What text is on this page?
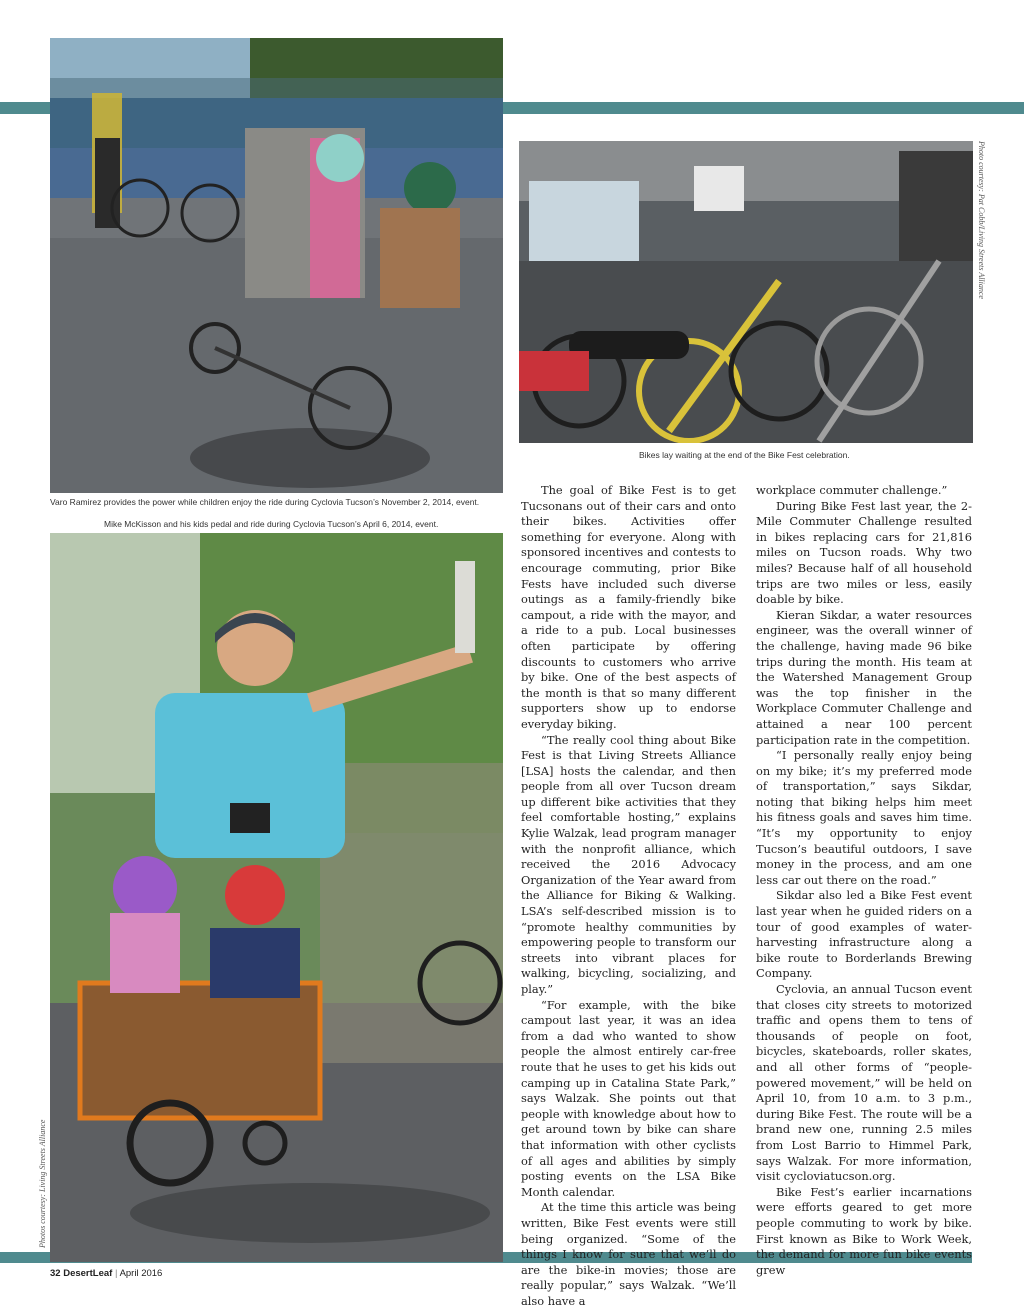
Varo Ramirez provides the power while children enjoy the ride during Cyclovia Tucson’s November 2, 2014, event.
Photo courtesy: Pat Cobb/Living Streets Alliance
Bikes lay waiting at the end of the Bike Fest celebration.
Mike McKisson and his kids pedal and ride during Cyclovia Tucson’s April 6, 2014, event.
Photos courtesy: Living Streets Alliance

The goal of Bike Fest is to get Tucsonans out of their cars and onto their bikes. Activities offer something for everyone. Along with sponsored incentives and contests to encourage commuting, prior Bike Fests have included such diverse outings as a family-friendly bike campout, a ride with the mayor, and a ride to a pub. Local businesses often participate by offering discounts to customers who arrive by bike. One of the best aspects of the month is that so many different supporters show up to endorse everyday biking.

“The really cool thing about Bike Fest is that Living Streets Alliance [LSA] hosts the calendar, and then people from all over Tucson dream up different bike activities that they feel comfortable hosting,” explains Kylie Walzak, lead program manager with the nonprofit alliance, which received the 2016 Advocacy Organization of the Year award from the Alliance for Biking & Walking. LSA’s self-described mission is to “promote healthy communities by empowering people to transform our streets into vibrant places for walking, bicycling, socializing, and play.”

“For example, with the bike campout last year, it was an idea from a dad who wanted to show people the almost entirely car-free route that he uses to get his kids out camping up in Catalina State Park,” says Walzak. She points out that people with knowledge about how to get around town by bike can share that information with other cyclists of all ages and abilities by simply posting events on the LSA Bike Month calendar.

At the time this article was being written, Bike Fest events were still being organized. “Some of the things I know for sure that we’ll do are the bike-in movies; those are really popular,” says Walzak. “We’ll also have a

workplace commuter challenge.”

During Bike Fest last year, the 2-Mile Commuter Challenge resulted in bikes replacing cars for 21,816 miles on Tucson roads. Why two miles? Because half of all household trips are two miles or less, easily doable by bike.

Kieran Sikdar, a water resources engineer, was the overall winner of the challenge, having made 96 bike trips during the month. His team at the Watershed Management Group was the top finisher in the Workplace Commuter Challenge and attained a near 100 percent participation rate in the competition.

“I personally really enjoy being on my bike; it’s my preferred mode of transportation,” says Sikdar, noting that biking helps him meet his fitness goals and saves him time. “It’s my opportunity to enjoy Tucson’s beautiful outdoors, I save money in the process, and am one less car out there on the road.”

Sikdar also led a Bike Fest event last year when he guided riders on a tour of good examples of water-harvesting infrastructure along a bike route to Borderlands Brewing Company.

Cyclovia, an annual Tucson event that closes city streets to motorized traffic and opens them to tens of thousands of people on foot, bicycles, skateboards, roller skates, and all other forms of “people-powered movement,” will be held on April 10, from 10 a.m. to 3 p.m., during Bike Fest. The route will be a brand new one, running 2.5 miles from Lost Barrio to Himmel Park, says Walzak. For more information, visit cycloviatucson.org.

Bike Fest’s earlier incarnations were efforts geared to get more people commuting to work by bike. First known as Bike to Work Week, the demand for more fun bike events grew

32 DesertLeaf | April 2016
